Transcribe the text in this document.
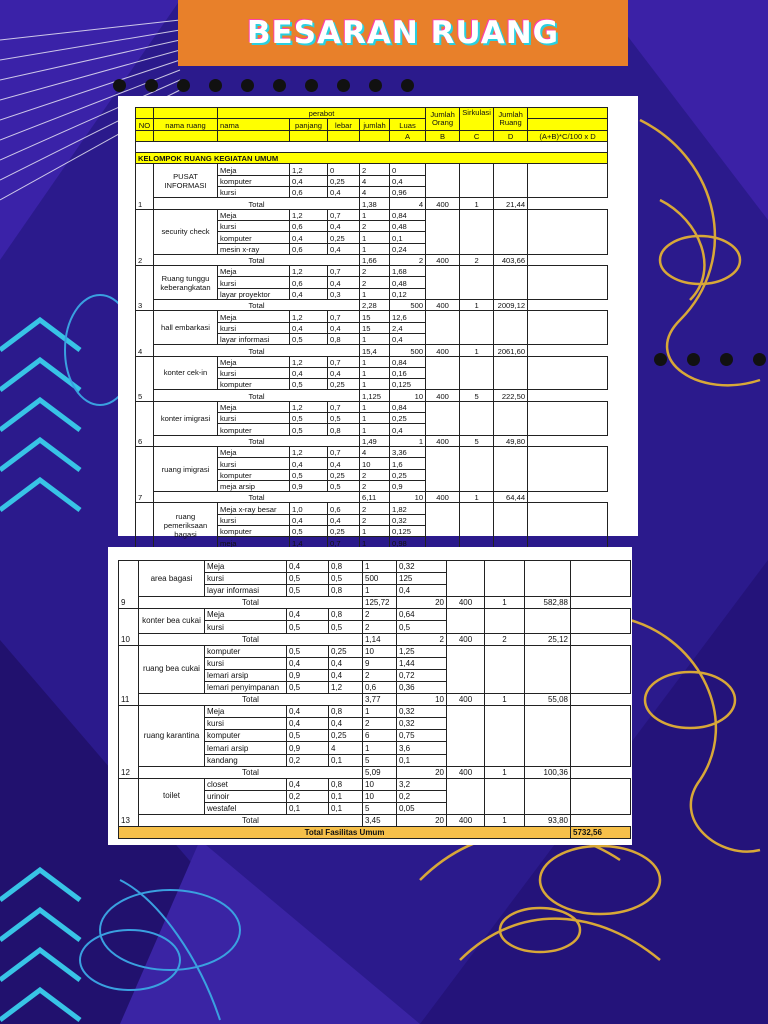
BESARAN RUANG
		perabot					Jumlah Orang	Sirkulasi	Jumlah Ruang	
NO	nama ruang	nama	panjang	lebar	jumlah	Luas				
						A	B	C	D	(A+B)*C/100 x D

KELOMPOK RUANG KEGIATAN UMUM										
1	PUSAT INFORMASI	Meja	1,2	0	2	0				
		komputer	0,4	0,25	4	0,4				
		kursi	0,6	0,4	4	0,96				
	Total				1,38	4	400	1	21,44	
2	security check	Meja	1,2	0,7	1	0,84				
		kursi	0,6	0,4	2	0,48				
		komputer	0,4	0,25	1	0,1				
		mesin x-ray	0,6	0,4	1	0,24				
	Total				1,66	2	400	2	403,66	
3	Ruang tunggu keberangkatan	Meja	1,2	0,7	2	1,68				
		kursi	0,6	0,4	2	0,48				
		layar proyektor	0,4	0,3	1	0,12				
	Total				2,28	500	400	1	2009,12	
4	hall embarkasi	Meja	1,2	0,7	15	12,6				
		kursi	0,4	0,4	15	2,4				
		layar informasi	0,5	0,8	1	0,4				
	Total				15,4	500	400	1	2061,60	
5	konter cek-in	Meja	1,2	0,7	1	0,84				
		kursi	0,4	0,4	1	0,16				
		komputer	0,5	0,25	1	0,125				
	Total				1,125	10	400	5	222,50	
6	konter imigrasi	Meja	1,2	0,7	1	0,84				
		kursi	0,5	0,5	1	0,25				
		komputer	0,5	0,8	1	0,4				
	Total				1,49	1	400	5	49,80	
7	ruang imigrasi	Meja	1,2	0,7	4	3,36				
		kursi	0,4	0,4	10	1,6				
		komputer	0,5	0,25	2	0,25				
		meja arsip	0,9	0,5	2	0,9				
	Total				6,11	10	400	1	64,44	
	ruang pemeriksaan bagasi	Meja x-ray besar	1,0	0,6	2	1,82				
		kursi	0,4	0,4	2	0,32				
		komputer	0,5	0,25	1	0,125				
		meja	1,4	0,7	1	0,98				

9	area bagasi	Meja	0,4	0,8	1	0,32				
		kursi	0,5	0,5	500	125				
		layar informasi	0,5	0,8	1	0,4				
	Total				125,72	20	400	1	582,88	
10	konter bea cukai	Meja	0,4	0,8	2	0,64				
		kursi	0,5	0,5	2	0,5				
	Total				1,14	2	400	2	25,12	
11	ruang bea cukai	komputer	0,5	0,25	10	1,25				
		kursi	0,4	0,4	9	1,44				
		lemari arsip	0,9	0,4	2	0,72				
		lemari penyimpanan	0,5	1,2	0,6	0,36				
	Total				3,77	10	400	1	55,08	
12	ruang karantina	Meja	0,4	0,8	1	0,32				
		kursi	0,4	0,4	2	0,32				
		komputer	0,5	0,25	6	0,75				
		lemari arsip	0,9	4	1	3,6				
		kandang	0,2	0,1	5	0,1				
	Total				5,09	20	400	1	100,36	
13	toilet	closet	0,4	0,8	10	3,2				
		urinoir	0,2	0,1	10	0,2				
		westafel	0,1	0,1	5	0,05				
	Total				3,45	20	400	1	93,80	
Total Fasilitas Umum										5732,56
